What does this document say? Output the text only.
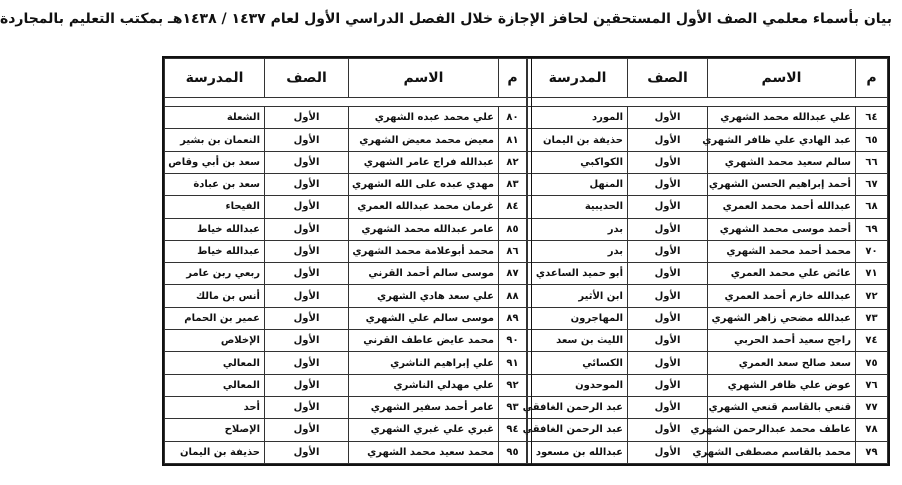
بيان بأسماء معلمي الصف الأول المستحقين لحافز الإجازة خلال الفصل الدراسي الأول لعام ١٤٣٧ / ١٤٣٨هـ بمكتب التعليم بالمجاردة
م	الاسم	الصف	المدرسة

٦٤	علي عبدالله محمد الشهري	الأول	المورد
٦٥	عبد الهادي علي ظافر الشهري	الأول	حذيفة بن اليمان
٦٦	سالم سعيد محمد الشهري	الأول	الكواكبي
٦٧	أحمد إبراهيم الحسن الشهري	الأول	المنهل
٦٨	عبدالله أحمد محمد العمري	الأول	الحديبية
٦٩	أحمد موسى محمد الشهري	الأول	بدر
٧٠	محمد أحمد محمد الشهري	الأول	بدر
٧١	عائض علي محمد العمري	الأول	أبو حميد الساعدي
٧٢	عبدالله خازم أحمد العمري	الأول	ابن الأثير
٧٣	عبدالله مضحي زاهر الشهري	الأول	المهاجرون
٧٤	راجح سعيد أحمد الحربي	الأول	الليث بن سعد
٧٥	سعد صالح سعد العمري	الأول	الكسائي
٧٦	عوض علي ظافر الشهري	الأول	الموحدون
٧٧	قنعي بالقاسم قنعي الشهري	الأول	عبد الرحمن الغافقي
٧٨	عاطف محمد عبدالرحمن الشهري	الأول	عبد الرحمن الغافقي
٧٩	محمد بالقاسم مصطفى الشهري	الأول	عبدالله بن مسعود
م	الاسم	الصف	المدرسة

٨٠	علي محمد عبده الشهري	الأول	الشعلة
٨١	معيض محمد معيض الشهري	الأول	النعمان بن بشير
٨٢	عبدالله فراج عامر الشهري	الأول	سعد بن أبي وقاص
٨٣	مهدي عبده على الله الشهري	الأول	سعد بن عبادة
٨٤	غرمان محمد عبدالله العمري	الأول	الفيحاء
٨٥	عامر عبدالله محمد الشهري	الأول	عبدالله خياط
٨٦	محمد أبوعلامة محمد الشهري	الأول	عبدالله خياط
٨٧	موسى سالم أحمد القرني	الأول	ربعي ربن عامر
٨٨	علي سعد هادي الشهري	الأول	أنس بن مالك
٨٩	موسى سالم علي الشهري	الأول	عمير بن الحمام
٩٠	محمد عايض عاطف القرني	الأول	الإخلاص
٩١	علي إبراهيم الناشري	الأول	المعالي
٩٢	علي مهدلي الناشري	الأول	المعالي
٩٣	عامر أحمد سفير الشهري	الأول	أحد
٩٤	غبري علي غبري الشهري	الأول	الإصلاح
٩٥	محمد سعيد محمد الشهري	الأول	حذيفة بن اليمان
